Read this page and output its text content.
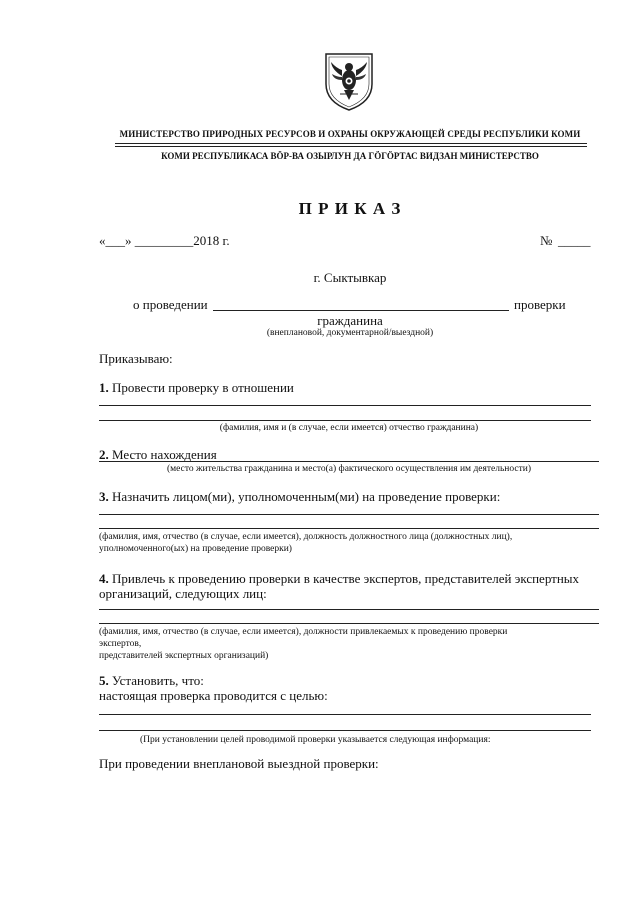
МИНИСТЕРСТВО ПРИРОДНЫХ РЕСУРСОВ И ОХРАНЫ ОКРУЖАЮЩЕЙ СРЕДЫ РЕСПУБЛИКИ КОМИ
КОМИ РЕСПУБЛИКАСА ВӦР-ВА ОЗЫРЛУН ДА ГӦГӦРТАС ВИДЗАН МИНИСТЕРСТВО
П Р И К А З
«___» _________2018 г.	№ _____
г. Сыктывкар
о проведении	проверки
гражданина
(внеплановой, документарной/выездной)
Приказываю:
1. Провести проверку в отношении
(фамилия, имя и (в случае, если имеется) отчество гражданина)
2. Место нахождения
(место жительства гражданина и место(а) фактического осуществления им деятельности)
3. Назначить лицом(ми), уполномоченным(ми) на проведение проверки:
(фамилия, имя, отчество (в случае, если имеется), должность должностного лица (должностных лиц),
уполномоченного(ых) на проведение проверки)
4. Привлечь к проведению проверки в качестве экспертов, представителей экспертных
организаций, следующих лиц:
(фамилия, имя, отчество (в случае, если имеется), должности привлекаемых к проведению проверки
экспертов,
представителей экспертных организаций)
5. Установить, что:
настоящая проверка проводится с целью:
(При установлении целей проводимой проверки указывается следующая информация:
При проведении внеплановой выездной проверки:
